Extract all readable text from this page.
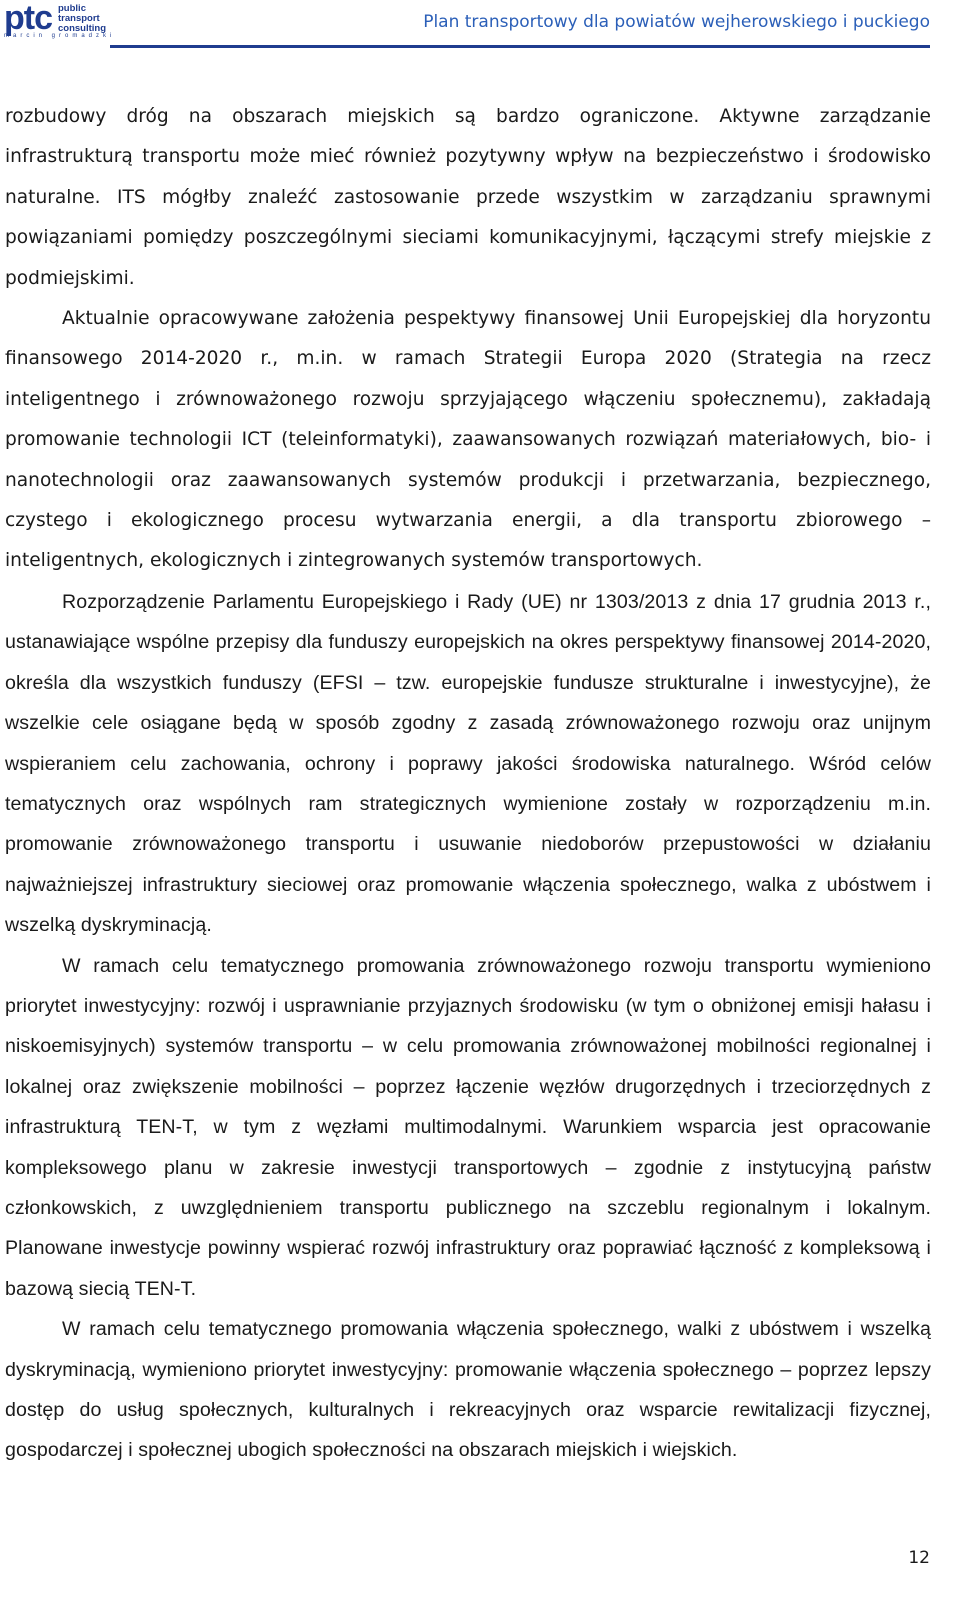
ptc public
transport
consulting
marcin gromadzki
Plan transportowy dla powiatów wejherowskiego i puckiego

rozbudowy dróg na obszarach miejskich są bardzo ograniczone. Aktywne zarządzanie infrastrukturą transportu może mieć również pozytywny wpływ na bezpieczeństwo i środowisko naturalne. ITS mógłby znaleźć zastosowanie przede wszystkim w zarządzaniu sprawnymi powiązaniami pomiędzy poszczególnymi sieciami komunikacyjnymi, łączącymi strefy miejskie z podmiejskimi.

Aktualnie opracowywane założenia pespektywy finansowej Unii Europejskiej dla horyzontu finansowego 2014-2020 r., m.in. w ramach Strategii Europa 2020 (Strategia na rzecz inteligentnego i zrównoważonego rozwoju sprzyjającego włączeniu społecznemu), zakładają promowanie technologii ICT (teleinformatyki), zaawansowanych rozwiązań materiałowych, bio- i nanotechnologii oraz zaawansowanych systemów produkcji i przetwarzania, bezpiecznego, czystego i ekologicznego procesu wytwarzania energii, a dla transportu zbiorowego – inteligentnych, ekologicznych i zintegrowanych systemów transportowych.

Rozporządzenie Parlamentu Europejskiego i Rady (UE) nr 1303/2013 z dnia 17 grudnia 2013 r., ustanawiające wspólne przepisy dla funduszy europejskich na okres perspektywy finansowej 2014-2020, określa dla wszystkich funduszy (EFSI – tzw. europejskie fundusze strukturalne i inwestycyjne), że wszelkie cele osiągane będą w sposób zgodny z zasadą zrównoważonego rozwoju oraz unijnym wspieraniem celu zachowania, ochrony i poprawy jakości środowiska naturalnego. Wśród celów tematycznych oraz wspólnych ram strategicznych wymienione zostały w rozporządzeniu m.in. promowanie zrównoważonego transportu i usuwanie niedoborów przepustowości w działaniu najważniejszej infrastruktury sieciowej oraz promowanie włączenia społecznego, walka z ubóstwem i wszelką dyskryminacją.

W ramach celu tematycznego promowania zrównoważonego rozwoju transportu wymieniono priorytet inwestycyjny: rozwój i usprawnianie przyjaznych środowisku (w tym o obniżonej emisji hałasu i niskoemisyjnych) systemów transportu – w celu promowania zrównoważonej mobilności regionalnej i lokalnej oraz zwiększenie mobilności – poprzez łączenie węzłów drugorzędnych i trzeciorzędnych z infrastrukturą TEN-T, w tym z węzłami multimodalnymi. Warunkiem wsparcia jest opracowanie kompleksowego planu w zakresie inwestycji transportowych – zgodnie z instytucyjną państw członkowskich, z uwzględnieniem transportu publicznego na szczeblu regionalnym i lokalnym. Planowane inwestycje powinny wspierać rozwój infrastruktury oraz poprawiać łączność z kompleksową i bazową siecią TEN-T.

W ramach celu tematycznego promowania włączenia społecznego, walki z ubóstwem i wszelką dyskryminacją, wymieniono priorytet inwestycyjny: promowanie włączenia społecznego – poprzez lepszy dostęp do usług społecznych, kulturalnych i rekreacyjnych oraz wsparcie rewitalizacji fizycznej, gospodarczej i społecznej ubogich społeczności na obszarach miejskich i wiejskich.

12
